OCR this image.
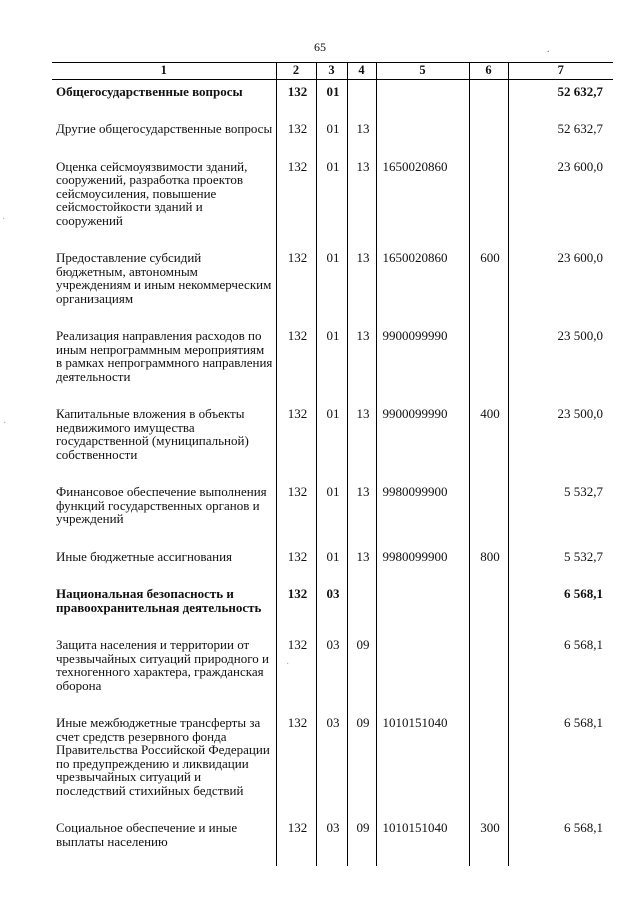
65	.
·
·
·
1	2	3	4	5	6	7
Общегосударственные вопросы	132	01				52 632,7
Другие общегосударственные вопросы	132	01	13			52 632,7
Оценка сейсмоуязвимости зданий, сооружений, разработка проектов сейсмоусиления, повышение сейсмостойкости зданий и сооружений	132	01	13	1650020860		23 600,0
Предоставление субсидий бюджетным, автономным учреждениям и иным некоммерческим организациям	132	01	13	1650020860	600	23 600,0
Реализация направления расходов по иным непрограммным мероприятиям в рамках непрограммного направления деятельности	132	01	13	9900099990		23 500,0
Капитальные вложения в объекты недвижимого имущества государственной (муниципальной) собственности	132	01	13	9900099990	400	23 500,0
Финансовое обеспечение выполнения функций государственных органов и учреждений	132	01	13	9980099900		5 532,7
Иные бюджетные ассигнования	132	01	13	9980099900	800	5 532,7
Национальная безопасность и правоохранительная деятельность	132	03				6 568,1
Защита населения и территории от чрезвычайных ситуаций природного и техногенного характера, гражданская оборона	132	03	09			6 568,1
Иные межбюджетные трансферты за счет средств резервного фонда Правительства Российской Федерации по предупреждению и ликвидации чрезвычайных ситуаций и последствий стихийных бедствий	132	03	09	1010151040		6 568,1
Социальное обеспечение и иные выплаты населению	132	03	09	1010151040	300	6 568,1
